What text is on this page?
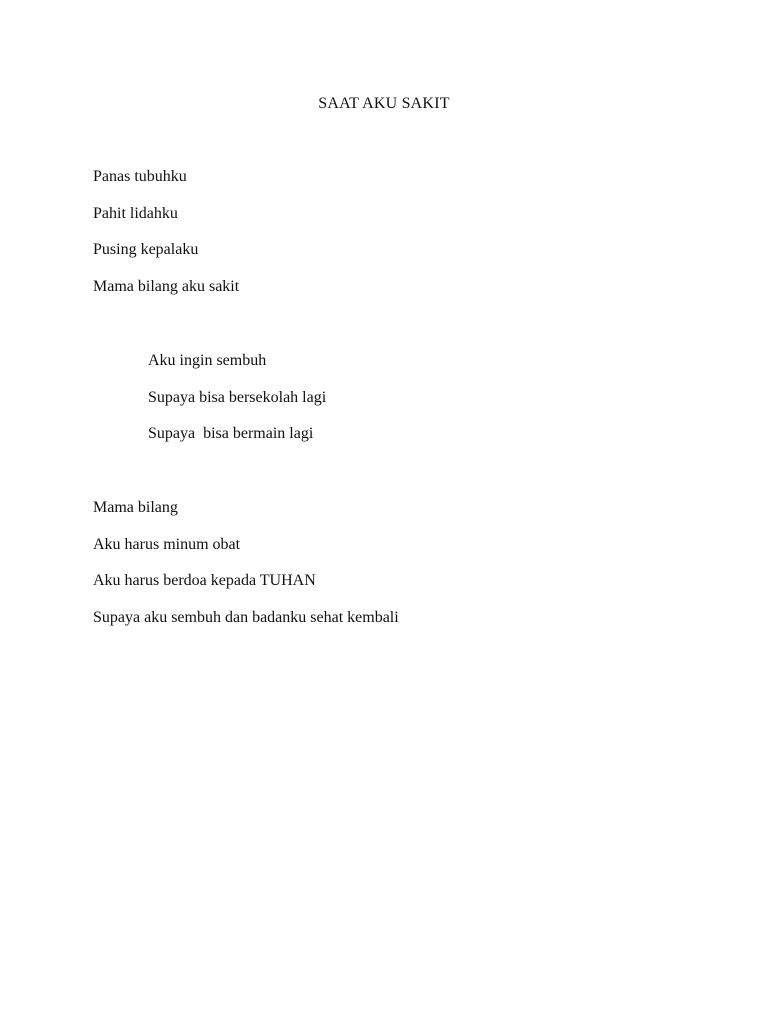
SAAT AKU SAKIT
Panas tubuhku
Pahit lidahku
Pusing kepalaku
Mama bilang aku sakit
Aku ingin sembuh
Supaya bisa bersekolah lagi
Supaya  bisa bermain lagi
Mama bilang
Aku harus minum obat
Aku harus berdoa kepada TUHAN
Supaya aku sembuh dan badanku sehat kembali
